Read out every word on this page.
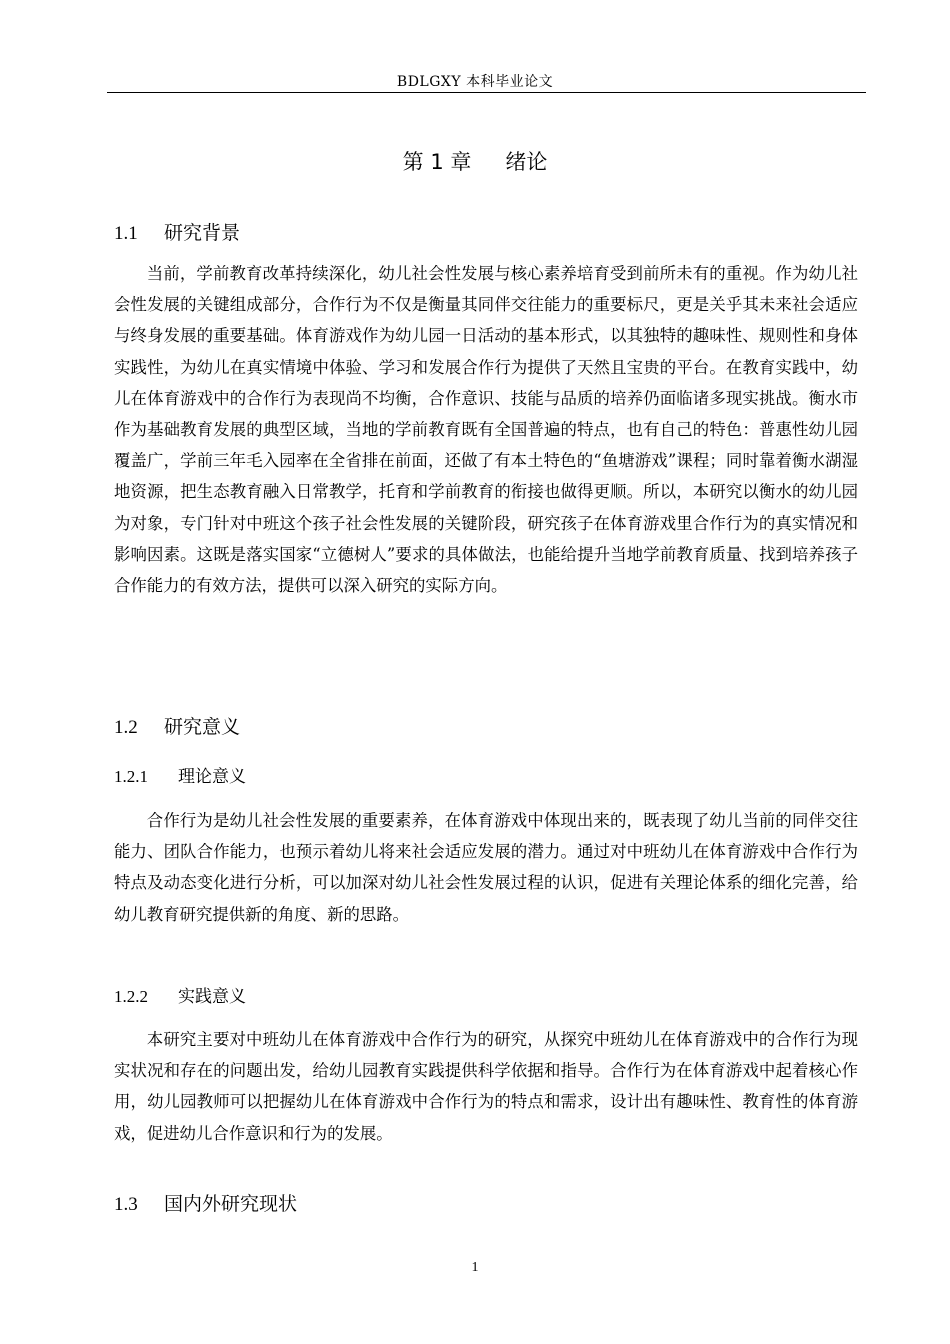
BDLGXY 本科毕业论文
第 1 章 绪论
1.1 研究背景

当前，学前教育改革持续深化，幼儿社会性发展与核心素养培育受到前所未有的重视。作为幼儿社会性发展的关键组成部分，合作行为不仅是衡量其同伴交往能力的重要标尺，更是关乎其未来社会适应与终身发展的重要基础。体育游戏作为幼儿园一日活动的基本形式，以其独特的趣味性、规则性和身体实践性，为幼儿在真实情境中体验、学习和发展合作行为提供了天然且宝贵的平台。在教育实践中，幼儿在体育游戏中的合作行为表现尚不均衡，合作意识、技能与品质的培养仍面临诸多现实挑战。衡水市作为基础教育发展的典型区域，当地的学前教育既有全国普遍的特点，也有自己的特色：普惠性幼儿园覆盖广，学前三年毛入园率在全省排在前面，还做了有本土特色的“鱼塘游戏”课程；同时靠着衡水湖湿地资源，把生态教育融入日常教学，托育和学前教育的衔接也做得更顺。所以，本研究以衡水的幼儿园为对象，专门针对中班这个孩子社会性发展的关键阶段，研究孩子在体育游戏里合作行为的真实情况和影响因素。这既是落实国家“立德树人”要求的具体做法，也能给提升当地学前教育质量、找到培养孩子合作能力的有效方法，提供可以深入研究的实际方向。

1.2 研究意义
1.2.1 理论意义

合作行为是幼儿社会性发展的重要素养，在体育游戏中体现出来的，既表现了幼儿当前的同伴交往能力、团队合作能力，也预示着幼儿将来社会适应发展的潜力。通过对中班幼儿在体育游戏中合作行为特点及动态变化进行分析，可以加深对幼儿社会性发展过程的认识，促进有关理论体系的细化完善，给幼儿教育研究提供新的角度、新的思路。

1.2.2 实践意义

本研究主要对中班幼儿在体育游戏中合作行为的研究，从探究中班幼儿在体育游戏中的合作行为现实状况和存在的问题出发，给幼儿园教育实践提供科学依据和指导。合作行为在体育游戏中起着核心作用，幼儿园教师可以把握幼儿在体育游戏中合作行为的特点和需求，设计出有趣味性、教育性的体育游戏，促进幼儿合作意识和行为的发展。

1.3 国内外研究现状
1
